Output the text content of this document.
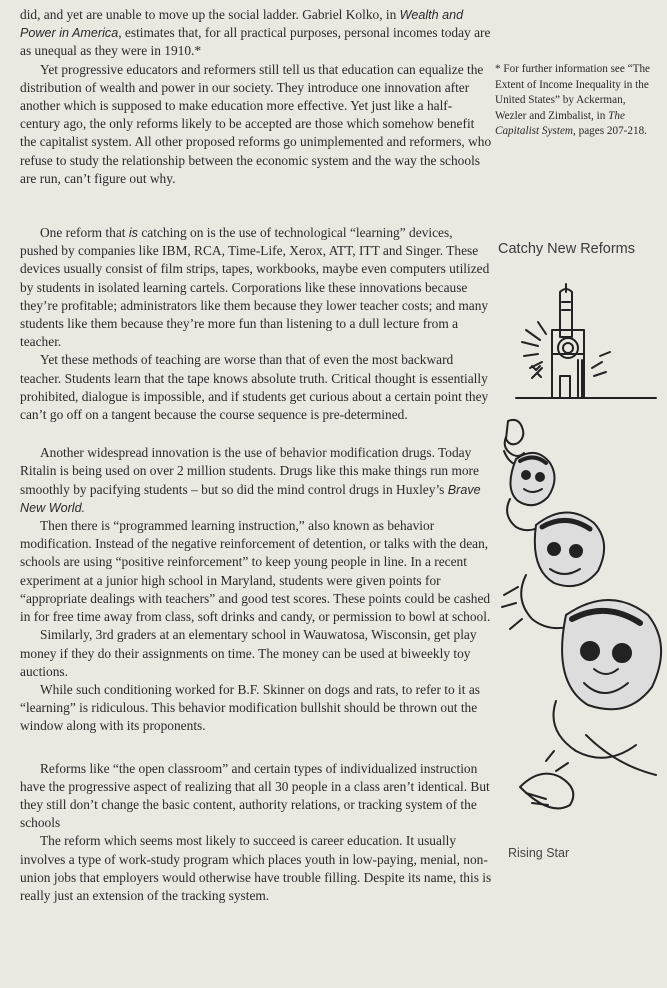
did, and yet are unable to move up the social ladder. Gabriel Kolko, in Wealth and Power in America, estimates that, for all practical purposes, personal incomes today are as unequal as they were in 1910.*

Yet progressive educators and reformers still tell us that education can equalize the distribution of wealth and power in our society. They introduce one innovation after another which is supposed to make education more effective. Yet just like a half-century ago, the only reforms likely to be accepted are those which somehow benefit the capitalist system. All other proposed reforms go unimplemented and reformers, who refuse to study the relationship between the economic system and the way the schools are run, can’t figure out why.

One reform that is catching on is the use of technological “learning” devices, pushed by companies like IBM, RCA, Time-Life, Xerox, ATT, ITT and Singer. These devices usually consist of film strips, tapes, workbooks, maybe even computers utilized by students in isolated learning cartels. Corporations like these innovations because they’re profitable; administrators like them because they lower teacher costs; and many students like them because they’re more fun than listening to a dull lecture from a teacher.

Yet these methods of teaching are worse than that of even the most backward teacher. Students learn that the tape knows absolute truth. Critical thought is essentially prohibited, dialogue is impossible, and if students get curious about a certain point they can’t go off on a tangent because the course sequence is pre-determined.

Another widespread innovation is the use of behavior modification drugs. Today Ritalin is being used on over 2 million students. Drugs like this make things run more smoothly by pacifying students – but so did the mind control drugs in Huxley’s Brave New World.

Then there is “programmed learning instruction,” also known as behavior modification. Instead of the negative reinforcement of detention, or talks with the dean, schools are using “positive reinforcement” to keep young people in line. In a recent experiment at a junior high school in Maryland, students were given points for “appropriate dealings with teachers” and good test scores. These points could be cashed in for free time away from class, soft drinks and candy, or permission to bowl at school.

Similarly, 3rd graders at an elementary school in Wauwatosa, Wisconsin, get play money if they do their assignments on time. The money can be used at biweekly toy auctions.

While such conditioning worked for B.F. Skinner on dogs and rats, to refer to it as “learning” is ridiculous. This behavior modification bullshit should be thrown out the window along with its proponents.

Reforms like “the open classroom” and certain types of individualized instruction have the progressive aspect of realizing that all 30 people in a class aren’t identical. But they still don’t change the basic content, authority relations, or tracking system of the schools

The reform which seems most likely to succeed is career education. It usually involves a type of work-study program which places youth in low-paying, menial, non-union jobs that employers would otherwise have trouble filling. Despite its name, this is really just an extension of the tracking system.

* For further information see “The Extent of Income Inequality in the United States” by Ackerman, Wezler and Zimbalist, in The Capitalist System, pages 207-218.
Catchy New Reforms
Rising Star
